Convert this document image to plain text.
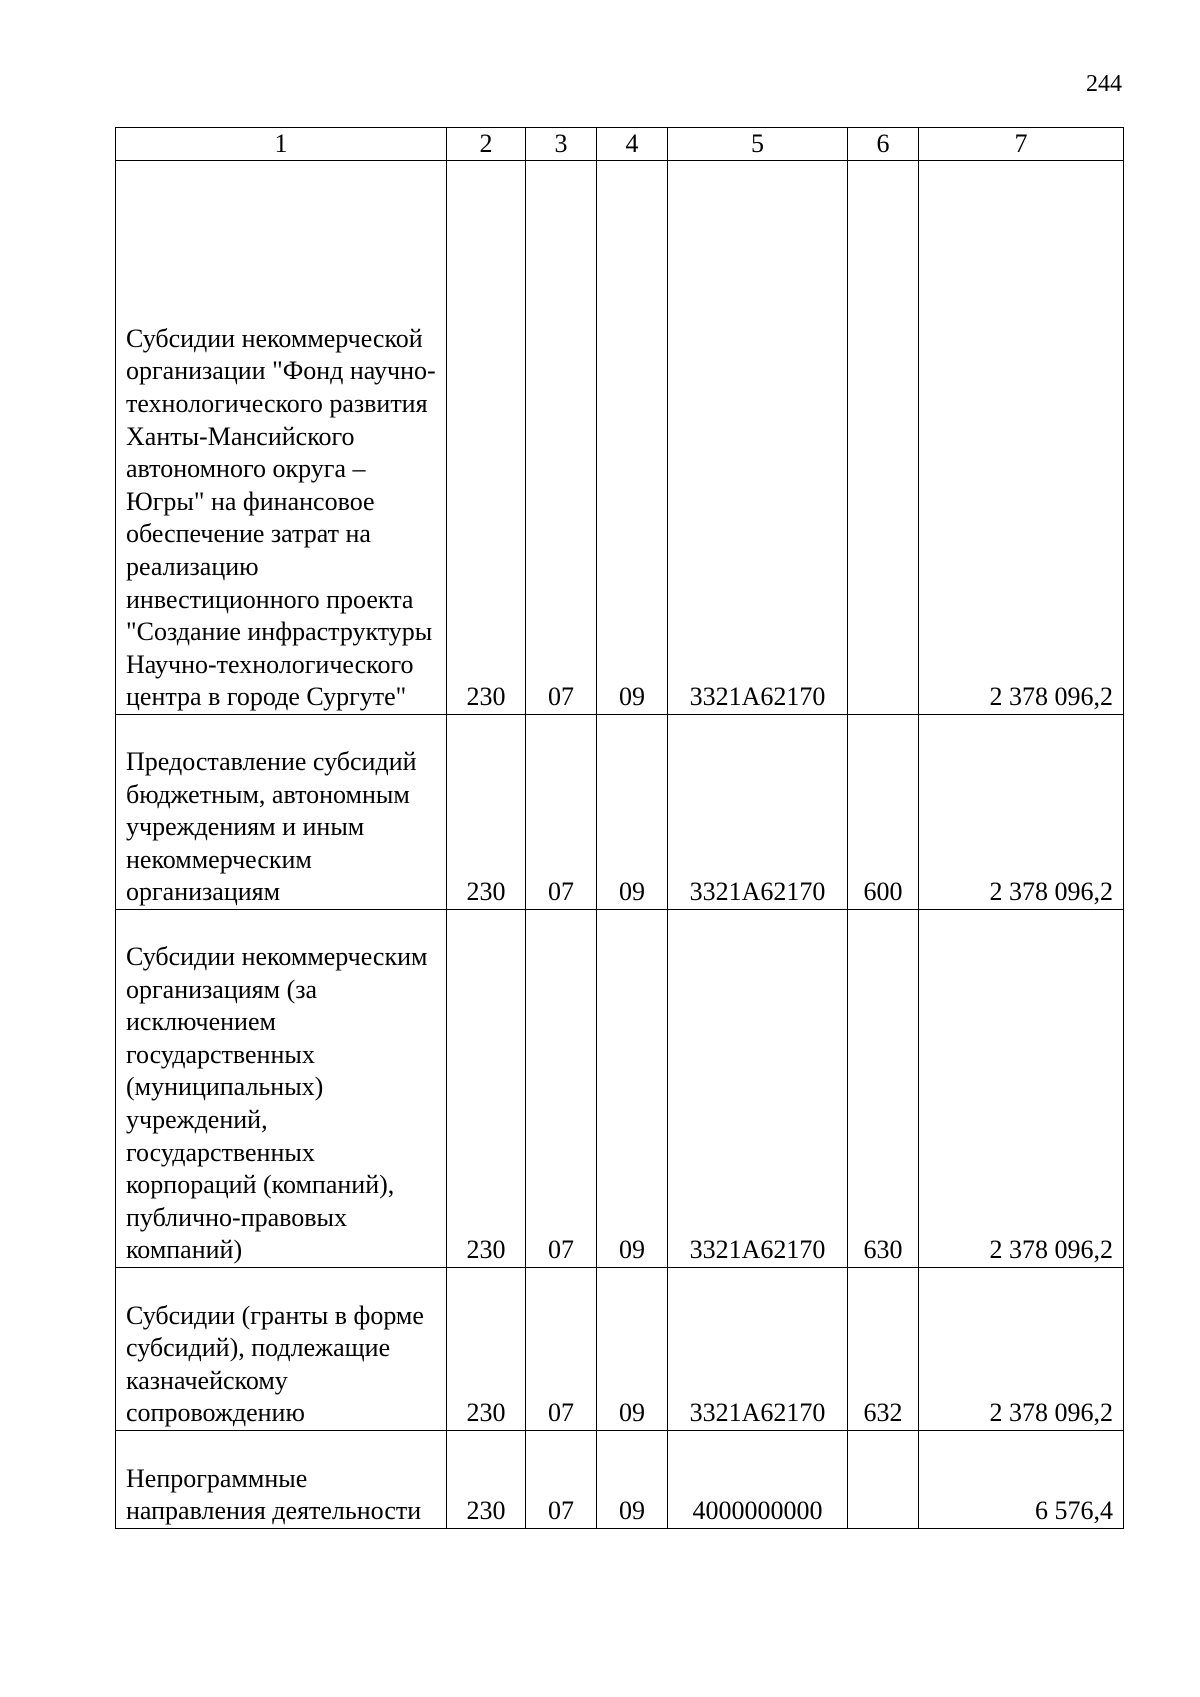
244
1	2	3	4	5	6	7
Субсидии некоммерческой организации "Фонд научно-технологического развития Ханты-Мансийского автономного округа – Югры" на финансовое обеспечение затрат на реализацию инвестиционного проекта "Создание инфраструктуры Научно-технологического центра в городе Сургуте"	230	07	09	3321А62170		2 378 096,2
Предоставление субсидий бюджетным, автономным учреждениям и иным некоммерческим организациям	230	07	09	3321А62170	600	2 378 096,2
Субсидии некоммерческим организациям (за исключением государственных (муниципальных) учреждений, государственных корпораций (компаний), публично-правовых компаний)	230	07	09	3321А62170	630	2 378 096,2
Субсидии (гранты в форме субсидий), подлежащие казначейскому сопровождению	230	07	09	3321А62170	632	2 378 096,2
Непрограммные направления деятельности	230	07	09	4000000000		6 576,4
